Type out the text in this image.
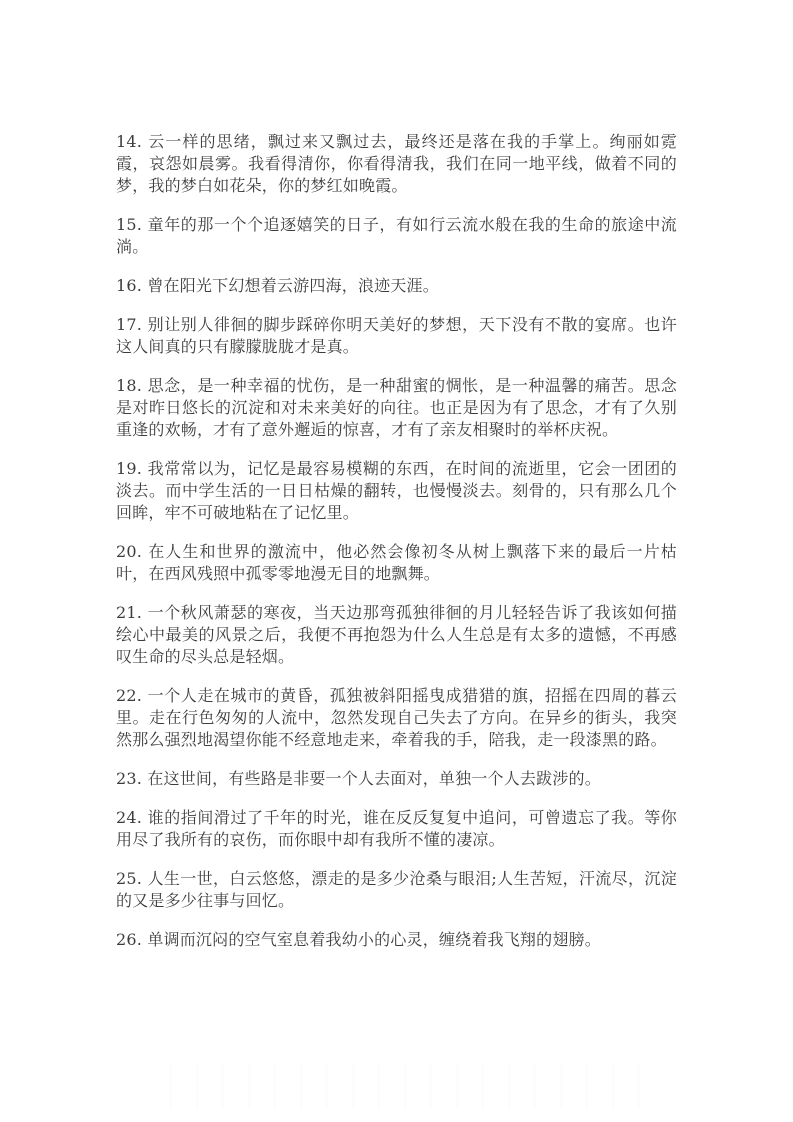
14. 云一样的思绪，飘过来又飘过去，最终还是落在我的手掌上。绚丽如霓霞，哀怨如晨雾。我看得清你，你看得清我，我们在同一地平线，做着不同的梦，我的梦白如花朵，你的梦红如晚霞。

15. 童年的那一个个追逐嬉笑的日子，有如行云流水般在我的生命的旅途中流淌。

16. 曾在阳光下幻想着云游四海，浪迹天涯。

17. 别让别人徘徊的脚步踩碎你明天美好的梦想，天下没有不散的宴席。也许这人间真的只有朦朦胧胧才是真。

18. 思念，是一种幸福的忧伤，是一种甜蜜的惆怅，是一种温馨的痛苦。思念是对昨日悠长的沉淀和对未来美好的向往。也正是因为有了思念，才有了久别重逢的欢畅，才有了意外邂逅的惊喜，才有了亲友相聚时的举杯庆祝。

19. 我常常以为，记忆是最容易模糊的东西，在时间的流逝里，它会一团团的淡去。而中学生活的一日日枯燥的翻转，也慢慢淡去。刻骨的，只有那么几个回眸，牢不可破地粘在了记忆里。

20. 在人生和世界的激流中，他必然会像初冬从树上飘落下来的最后一片枯叶，在西风残照中孤零零地漫无目的地飘舞。

21. 一个秋风萧瑟的寒夜，当天边那弯孤独徘徊的月儿轻轻告诉了我该如何描绘心中最美的风景之后，我便不再抱怨为什么人生总是有太多的遗憾，不再感叹生命的尽头总是轻烟。

22. 一个人走在城市的黄昏，孤独被斜阳摇曳成猎猎的旗，招摇在四周的暮云里。走在行色匆匆的人流中，忽然发现自己失去了方向。在异乡的街头，我突然那么强烈地渴望你能不经意地走来，牵着我的手，陪我，走一段漆黑的路。

23. 在这世间，有些路是非要一个人去面对，单独一个人去跋涉的。

24. 谁的指间滑过了千年的时光，谁在反反复复中追问，可曾遗忘了我。等你用尽了我所有的哀伤，而你眼中却有我所不懂的凄凉。

25. 人生一世，白云悠悠，漂走的是多少沧桑与眼泪;人生苦短，汗流尽，沉淀的又是多少往事与回忆。

26. 单调而沉闷的空气室息着我幼小的心灵，缠绕着我飞翔的翅膀。
